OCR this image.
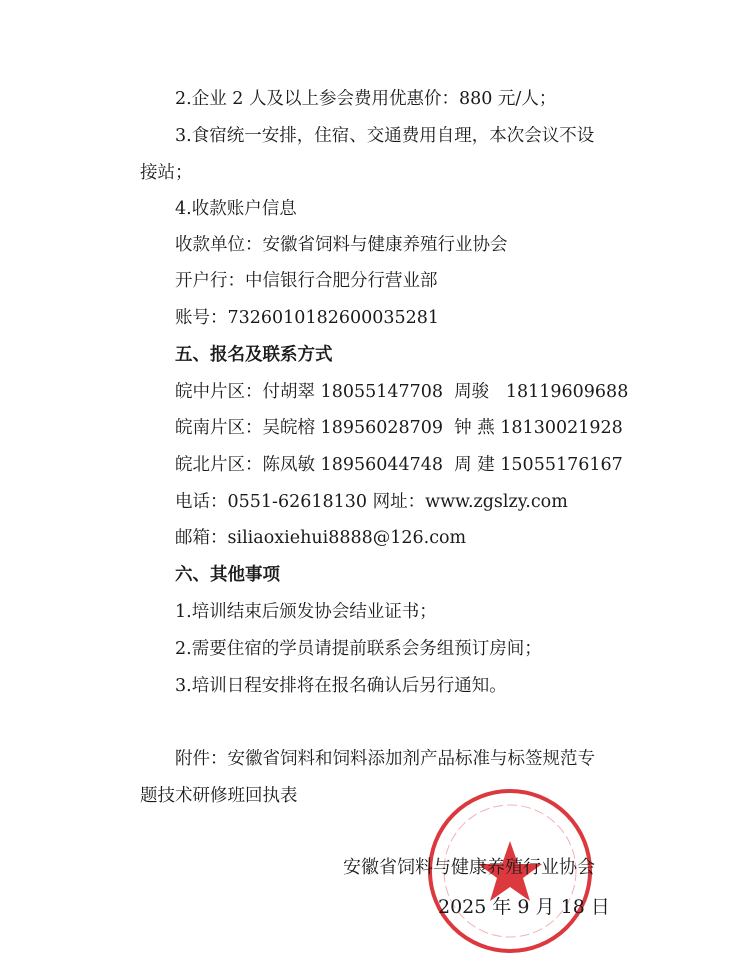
2.企业 2 人及以上参会费用优惠价：880 元/人；
3.食宿统一安排，住宿、交通费用自理，本次会议不设
接站；
4.收款账户信息
收款单位：安徽省饲料与健康养殖行业协会
开户行：中信银行合肥分行营业部
账号：7326010182600035281
五、报名及联系方式
皖中片区：付胡翠 18055147708  周骏   18119609688
皖南片区：吴皖榕 18956028709  钟 燕 18130021928
皖北片区：陈凤敏 18956044748  周 建 15055176167
电话：0551-62618130 网址：www.zgslzy.com
邮箱：siliaoxiehui8888@126.com
六、其他事项
1.培训结束后颁发协会结业证书；
2.需要住宿的学员请提前联系会务组预订房间；
3.培训日程安排将在报名确认后另行通知。
附件：安徽省饲料和饲料添加剂产品标准与标签规范专
题技术研修班回执表
安徽省饲料与健康养殖行业协会
2025 年 9 月 18 日
